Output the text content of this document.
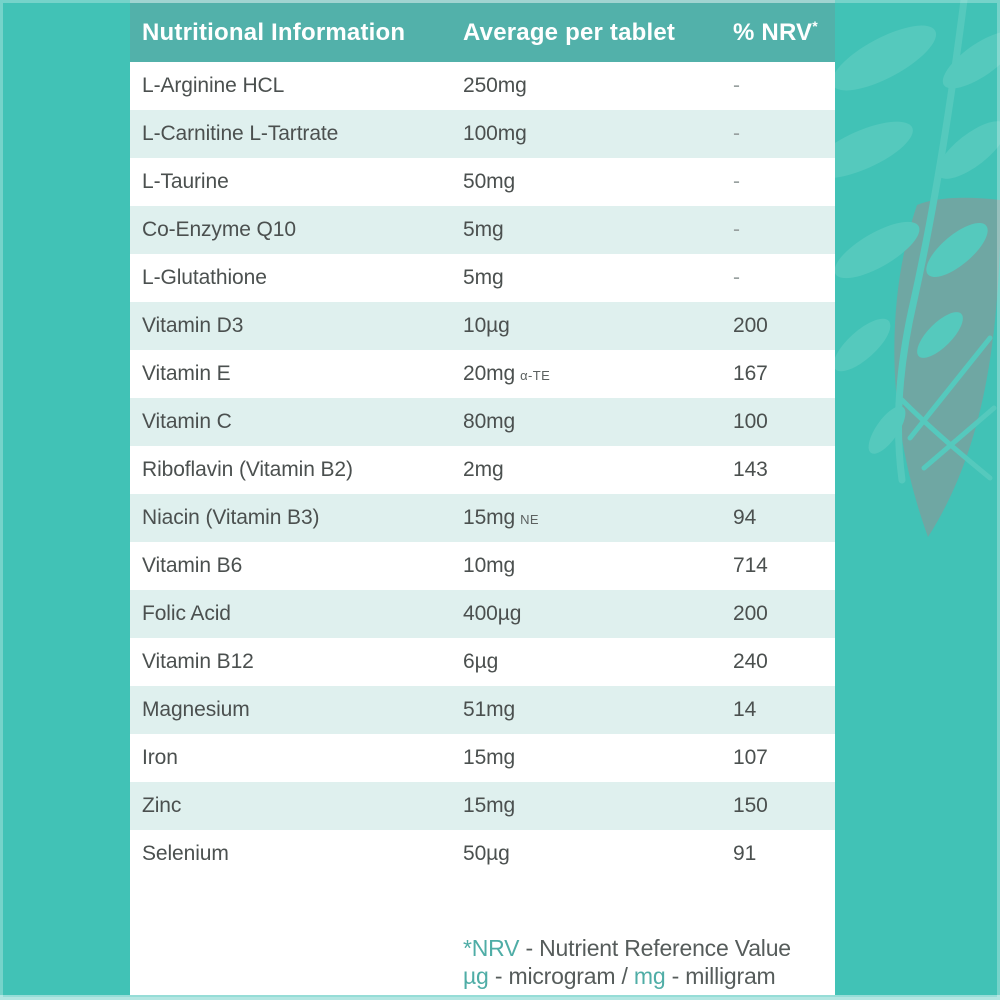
Nutritional Information	Average per tablet	% NRV*
L-Arginine HCL	250mg	-
L-Carnitine L-Tartrate	100mg	-
L-Taurine	50mg	-
Co-Enzyme Q10	5mg	-
L-Glutathione	5mg	-
Vitamin D3	10µg	200
Vitamin E	20mg α-TE	167
Vitamin C	80mg	100
Riboflavin (Vitamin B2)	2mg	143
Niacin (Vitamin B3)	15mg NE	94
Vitamin B6	10mg	714
Folic Acid	400µg	200
Vitamin B12	6µg	240
Magnesium	51mg	14
Iron	15mg	107
Zinc	15mg	150
Selenium	50µg	91
*NRV - Nutrient Reference Value
µg - microgram / mg - milligram
